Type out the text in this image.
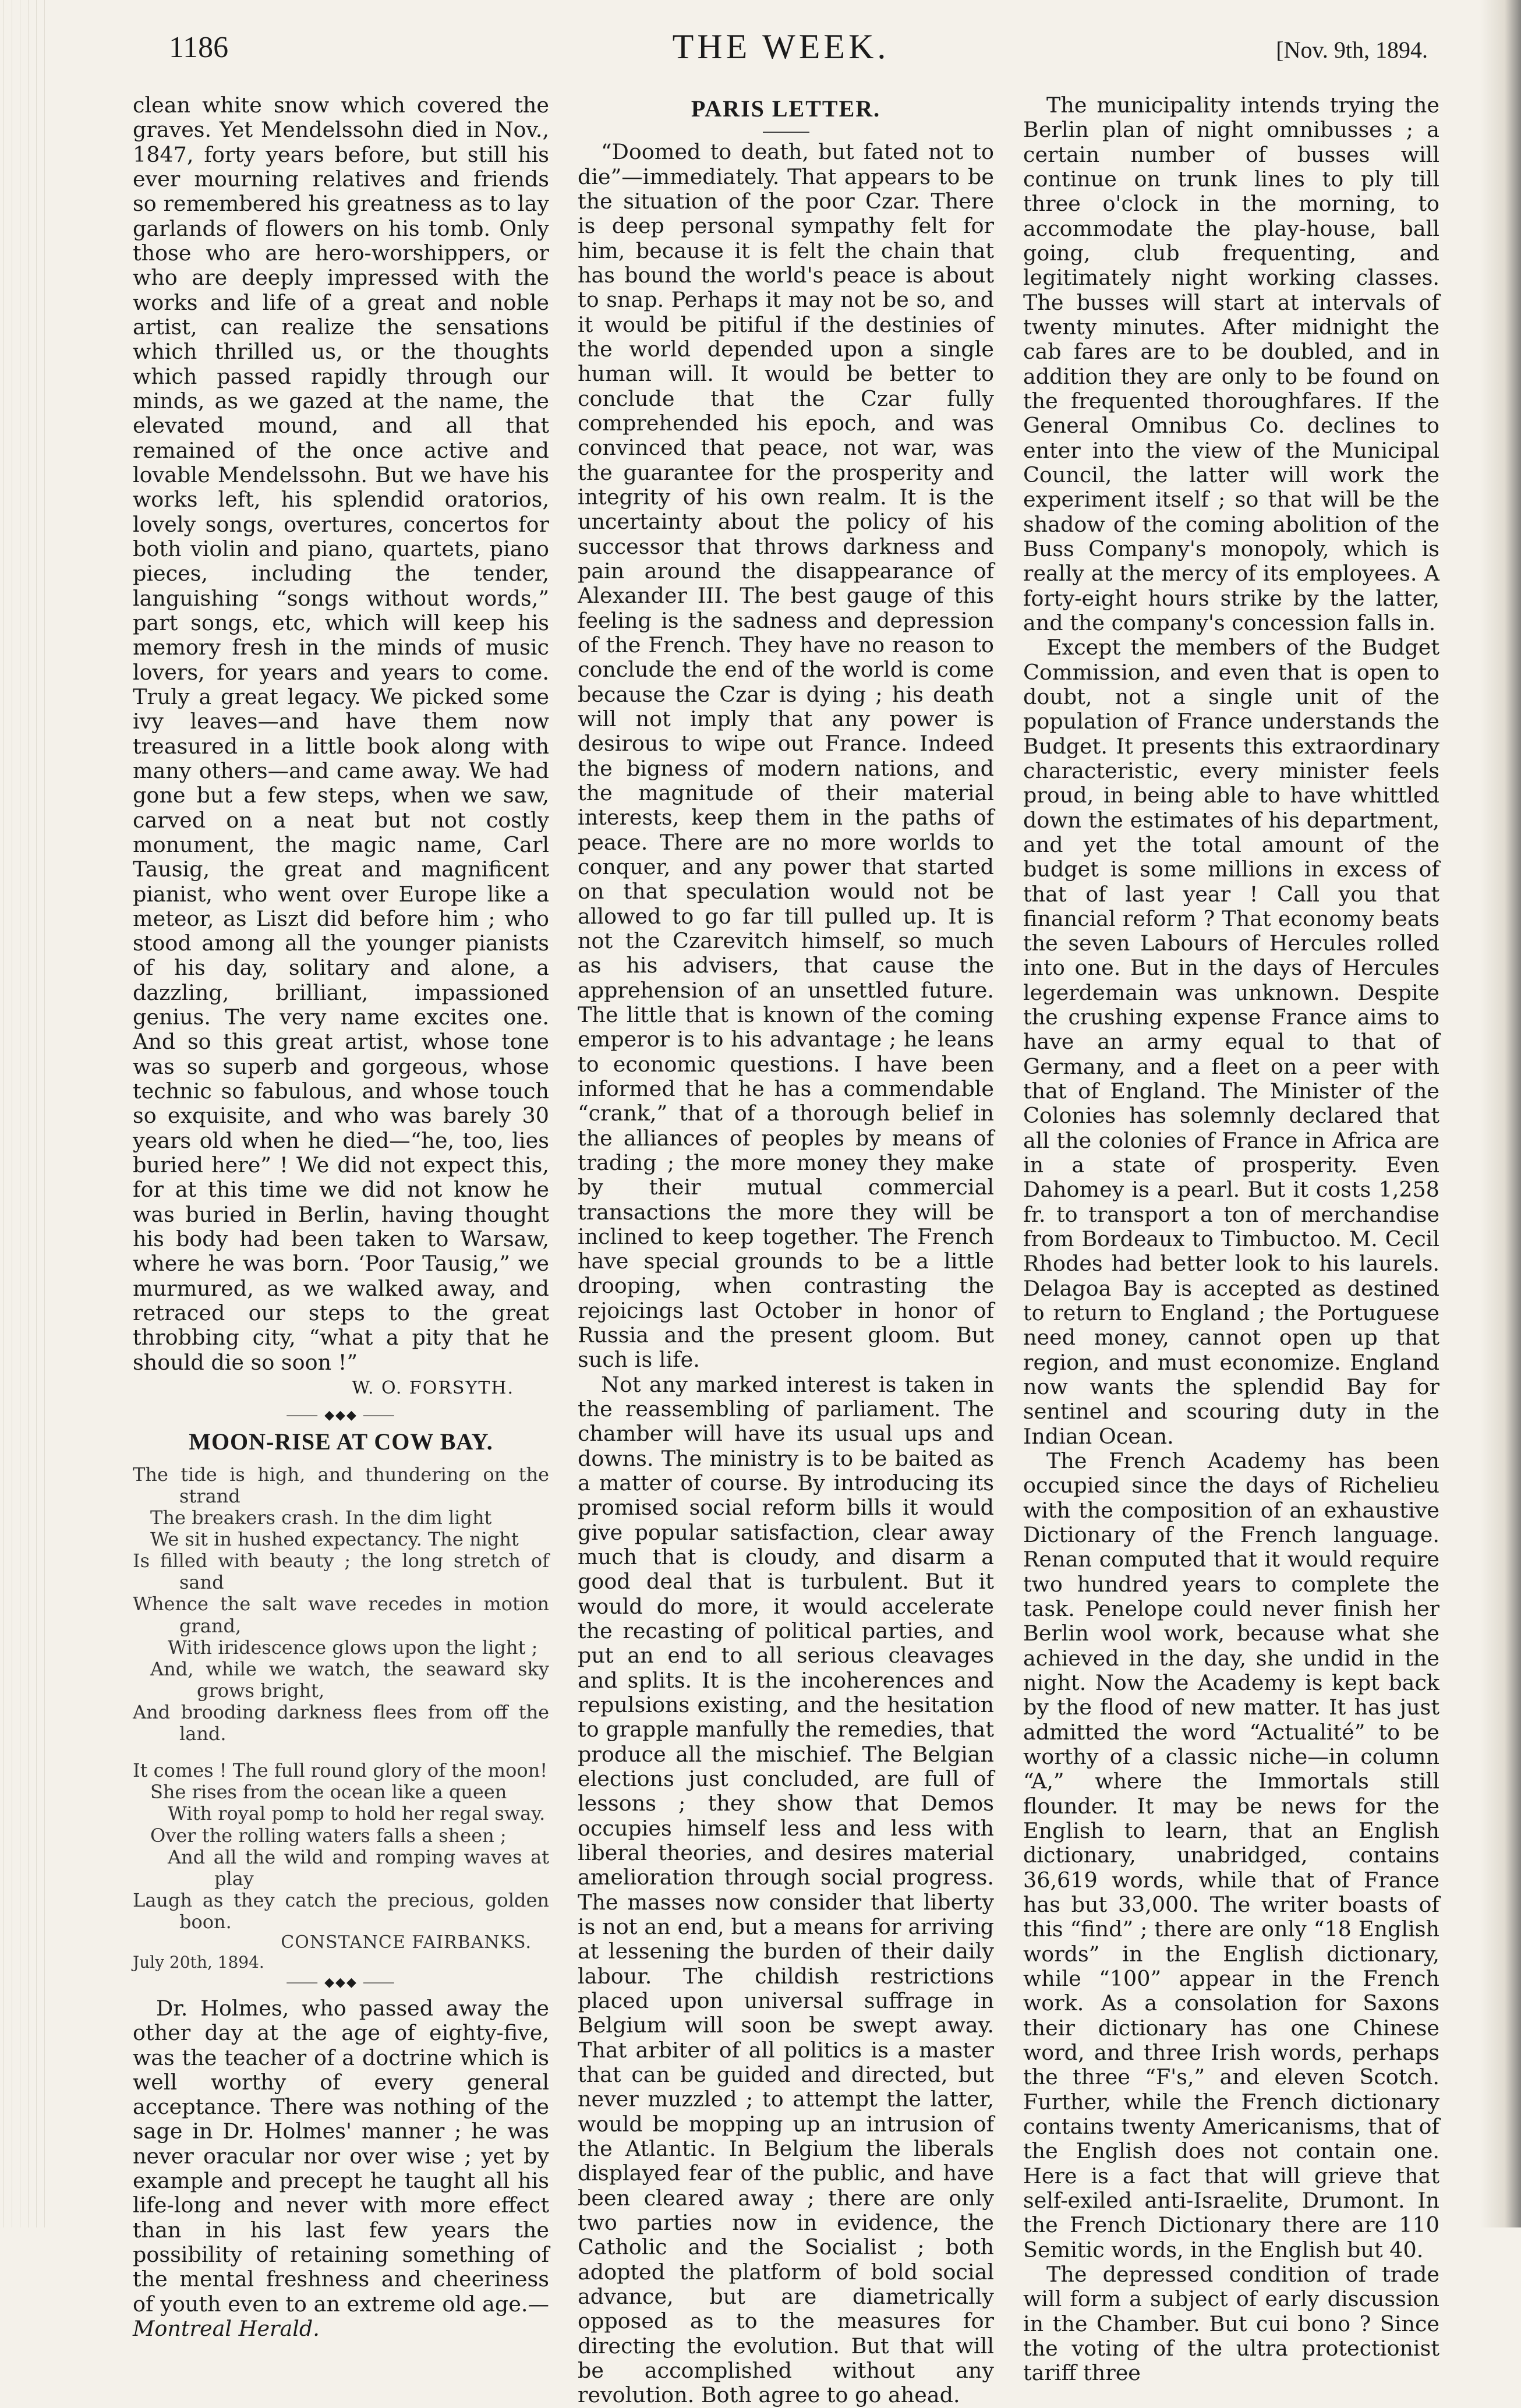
1186	THE WEEK.	[Nov. 9th, 1894.

clean white snow which covered the graves. Yet Mendelssohn died in Nov., 1847, forty years before, but still his ever mourning relatives and friends so remembered his greatness as to lay garlands of flowers on his tomb. Only those who are hero-worshippers, or who are deeply impressed with the works and life of a great and noble artist, can realize the sensations which thrilled us, or the thoughts which passed rapidly through our minds, as we gazed at the name, the elevated mound, and all that remained of the once active and lovable Mendelssohn. But we have his works left, his splendid oratorios, lovely songs, overtures, concertos for both violin and piano, quartets, piano pieces, including the tender, languishing “songs without words,” part songs, etc, which will keep his memory fresh in the minds of music lovers, for years and years to come. Truly a great legacy. We picked some ivy leaves—and have them now treasured in a little book along with many others—and came away. We had gone but a few steps, when we saw, carved on a neat but not costly monument, the magic name, Carl Tausig, the great and magnificent pianist, who went over Europe like a meteor, as Liszt did before him ; who stood among all the younger pianists of his day, solitary and alone, a dazzling, brilliant, impassioned genius. The very name excites one. And so this great artist, whose tone was so superb and gorgeous, whose technic so fabulous, and whose touch so exquisite, and who was barely 30 years old when he died—“he, too, lies buried here” ! We did not expect this, for at this time we did not know he was buried in Berlin, having thought his body had been taken to Warsaw, where he was born. ‘Poor Tausig,” we murmured, as we walked away, and retraced our steps to the great throbbing city, “what a pity that he should die so soon !”

W. O. FORSYTH.
⸻ ◆◆◆ ⸻
MOON-RISE AT COW BAY.
The tide is high, and thundering on the strand
The breakers crash. In the dim light
We sit in hushed expectancy. The night
Is filled with beauty ; the long stretch of sand
Whence the salt wave recedes in motion grand,
With iridescence glows upon the light ;
And, while we watch, the seaward sky grows bright,
And brooding darkness flees from off the land.
It comes ! The full round glory of the moon!
She rises from the ocean like a queen
With royal pomp to hold her regal sway.
Over the rolling waters falls a sheen ;
And all the wild and romping waves at play
Laugh as they catch the precious, golden boon.
CONSTANCE FAIRBANKS.
July 20th, 1894.
⸻ ◆◆◆ ⸻

Dr. Holmes, who passed away the other day at the age of eighty-five, was the teacher of a doctrine which is well worthy of every general acceptance. There was nothing of the sage in Dr. Holmes' manner ; he was never oracular nor over wise ; yet by example and precept he taught all his life-long and never with more effect than in his last few years the possibility of retaining something of the mental freshness and cheeriness of youth even to an extreme old age.—Montreal Herald.

PARIS LETTER.

“Doomed to death, but fated not to die”—immediately. That appears to be the situation of the poor Czar. There is deep personal sympathy felt for him, because it is felt the chain that has bound the world's peace is about to snap. Perhaps it may not be so, and it would be pitiful if the destinies of the world depended upon a single human will. It would be better to conclude that the Czar fully comprehended his epoch, and was convinced that peace, not war, was the guarantee for the prosperity and integrity of his own realm. It is the uncertainty about the policy of his successor that throws darkness and pain around the disappearance of Alexander III. The best gauge of this feeling is the sadness and depression of the French. They have no reason to conclude the end of the world is come because the Czar is dying ; his death will not imply that any power is desirous to wipe out France. Indeed the bigness of modern nations, and the magnitude of their material interests, keep them in the paths of peace. There are no more worlds to conquer, and any power that started on that speculation would not be allowed to go far till pulled up. It is not the Czarevitch himself, so much as his advisers, that cause the apprehension of an unsettled future. The little that is known of the coming emperor is to his advantage ; he leans to economic questions. I have been informed that he has a commendable “crank,” that of a thorough belief in the alliances of peoples by means of trading ; the more money they make by their mutual commercial transactions the more they will be inclined to keep together. The French have special grounds to be a little drooping, when contrasting the rejoicings last October in honor of Russia and the present gloom. But such is life.

Not any marked interest is taken in the reassembling of parliament. The chamber will have its usual ups and downs. The ministry is to be baited as a matter of course. By introducing its promised social reform bills it would give popular satisfaction, clear away much that is cloudy, and disarm a good deal that is turbulent. But it would do more, it would accelerate the recasting of political parties, and put an end to all serious cleavages and splits. It is the incoherences and repulsions existing, and the hesitation to grapple manfully the remedies, that produce all the mischief. The Belgian elections just concluded, are full of lessons ; they show that Demos occupies himself less and less with liberal theories, and desires material amelioration through social progress. The masses now consider that liberty is not an end, but a means for arriving at lessening the burden of their daily labour. The childish restrictions placed upon universal suffrage in Belgium will soon be swept away. That arbiter of all politics is a master that can be guided and directed, but never muzzled ; to attempt the latter, would be mopping up an intrusion of the Atlantic. In Belgium the liberals displayed fear of the public, and have been cleared away ; there are only two parties now in evidence, the Catholic and the Socialist ; both adopted the platform of bold social advance, but are diametrically opposed as to the measures for directing the evolution. But that will be accomplished without any revolution. Both agree to go ahead.

The municipality intends trying the Berlin plan of night omnibusses ; a certain number of busses will continue on trunk lines to ply till three o'clock in the morning, to accommodate the play-house, ball going, club frequenting, and legitimately night working classes. The busses will start at intervals of twenty minutes. After midnight the cab fares are to be doubled, and in addition they are only to be found on the frequented thoroughfares. If the General Omnibus Co. declines to enter into the view of the Municipal Council, the latter will work the experiment itself ; so that will be the shadow of the coming abolition of the Buss Company's monopoly, which is really at the mercy of its employees. A forty-eight hours strike by the latter, and the company's concession falls in.

Except the members of the Budget Commission, and even that is open to doubt, not a single unit of the population of France understands the Budget. It presents this extraordinary characteristic, every minister feels proud, in being able to have whittled down the estimates of his department, and yet the total amount of the budget is some millions in excess of that of last year ! Call you that financial reform ? That economy beats the seven Labours of Hercules rolled into one. But in the days of Hercules legerdemain was unknown. Despite the crushing expense France aims to have an army equal to that of Germany, and a fleet on a peer with that of England. The Minister of the Colonies has solemnly declared that all the colonies of France in Africa are in a state of prosperity. Even Dahomey is a pearl. But it costs 1,258 fr. to transport a ton of merchandise from Bordeaux to Timbuctoo. M. Cecil Rhodes had better look to his laurels. Delagoa Bay is accepted as destined to return to England ; the Portuguese need money, cannot open up that region, and must economize. England now wants the splendid Bay for sentinel and scouring duty in the Indian Ocean.

The French Academy has been occupied since the days of Richelieu with the composition of an exhaustive Dictionary of the French language. Renan computed that it would require two hundred years to complete the task. Penelope could never finish her Berlin wool work, because what she achieved in the day, she undid in the night. Now the Academy is kept back by the flood of new matter. It has just admitted the word “Actualité” to be worthy of a classic niche—in column “A,” where the Immortals still flounder. It may be news for the English to learn, that an English dictionary, unabridged, contains 36,619 words, while that of France has but 33,000. The writer boasts of this “find” ; there are only “18 English words” in the English dictionary, while “100” appear in the French work. As a consolation for Saxons their dictionary has one Chinese word, and three Irish words, perhaps the three “F's,” and eleven Scotch. Further, while the French dictionary contains twenty Americanisms, that of the English does not contain one. Here is a fact that will grieve that self-exiled anti-Israelite, Drumont. In the French Dictionary there are 110 Semitic words, in the English but 40.

The depressed condition of trade will form a subject of early discussion in the Chamber. But cui bono ? Since the voting of the ultra protectionist tariff three
